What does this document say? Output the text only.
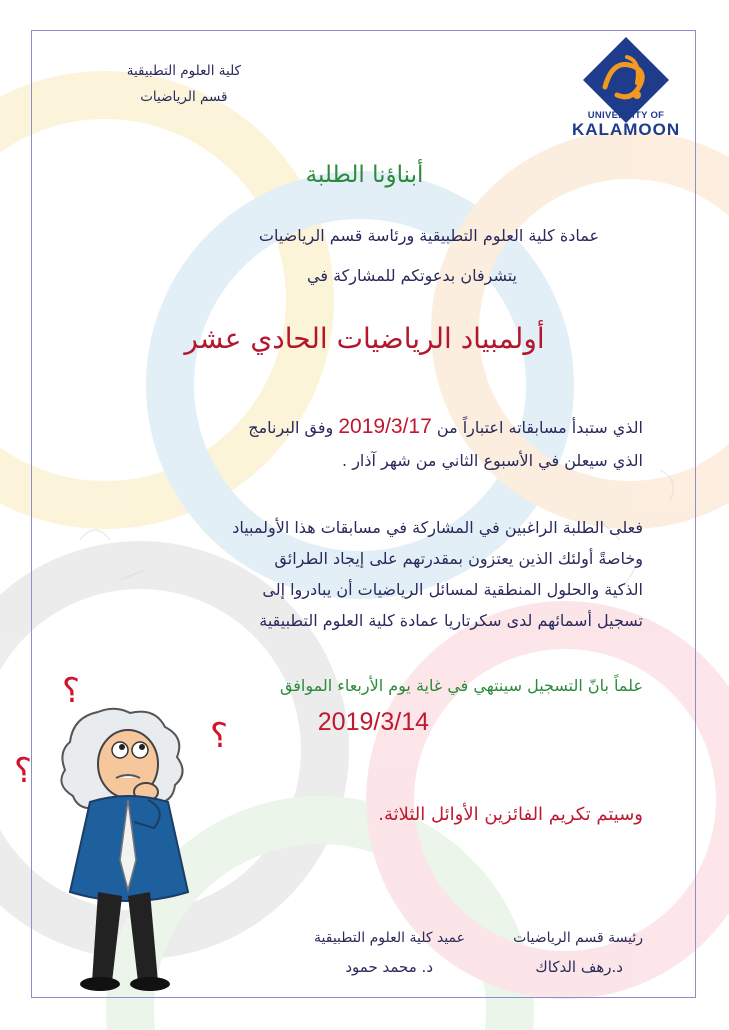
كلية العلوم التطبيقية
قسم الرياضيات
UNIVERSITY OF
KALAMOON
أبناؤنا الطلبة
عمادة كلية العلوم التطبيقية ورئاسة قسم الرياضيات
يتشرفان بدعوتكم للمشاركة في
أولمبياد الرياضيات الحادي عشر
الذي ستبدأ مسابقاته اعتباراً من 2019/3/17 وفق البرنامج
الذي سيعلن في الأسبوع الثاني من شهر آذار .
فعلى الطلبة الراغبين في المشاركة في مسابقات هذا الأولمبياد
وخاصةً أولئك الذين يعتزون بمقدرتهم على إيجاد الطرائق
الذكية والحلول المنطقية لمسائل الرياضيات أن يبادروا إلى
تسجيل أسمائهم لدى سكرتاريا عمادة كلية العلوم التطبيقية
علماً بانّ التسجيل سينتهي في غاية يوم الأربعاء الموافق
2019/3/14
وسيتم تكريم الفائزين الأوائل الثلاثة.
؟
؟
؟
رئيسة قسم الرياضيات
د.رهف الدكاك
عميد كلية العلوم التطبيقية
د. محمد حمود
